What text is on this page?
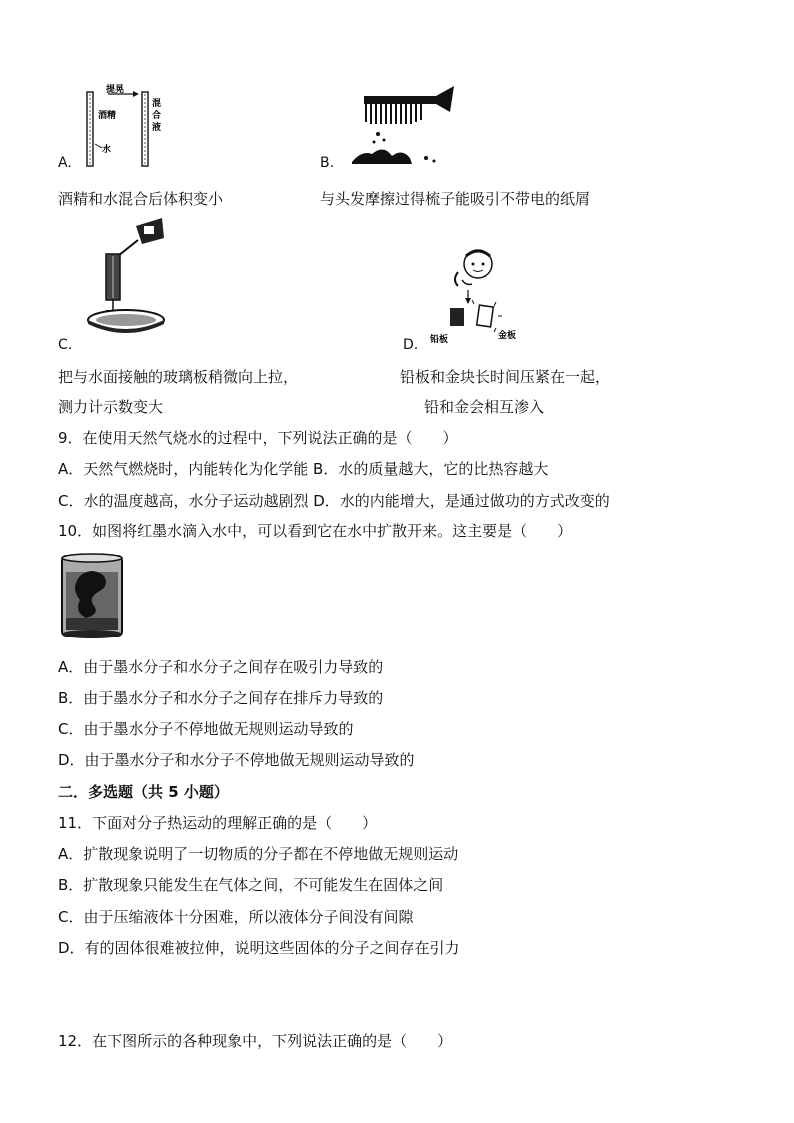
提晃
酒精
水
混
合
液
A.
酒精和水混合后体积变小
B.
与头发摩擦过得梳子能吸引不带电的纸屑
C.
把与水面接触的玻璃板稍微向上拉，
测力计示数变大
铅板	金板
D.
铅板和金块长时间压紧在一起，
铅和金会相互渗入
9．在使用天然气烧水的过程中，下列说法正确的是（　　）
A．天然气燃烧时，内能转化为化学能 B．水的质量越大，它的比热容越大
C．水的温度越高，水分子运动越剧烈 D．水的内能增大，是通过做功的方式改变的
10．如图将红墨水滴入水中，可以看到它在水中扩散开来。这主要是（　　）
A．由于墨水分子和水分子之间存在吸引力导致的
B．由于墨水分子和水分子之间存在排斥力导致的
C．由于墨水分子不停地做无规则运动导致的
D．由于墨水分子和水分子不停地做无规则运动导致的
二．多选题（共 5 小题）
11．下面对分子热运动的理解正确的是（　　）
A．扩散现象说明了一切物质的分子都在不停地做无规则运动
B．扩散现象只能发生在气体之间，不可能发生在固体之间
C．由于压缩液体十分困难，所以液体分子间没有间隙
D．有的固体很难被拉伸，说明这些固体的分子之间存在引力
12．在下图所示的各种现象中，下列说法正确的是（　　）
